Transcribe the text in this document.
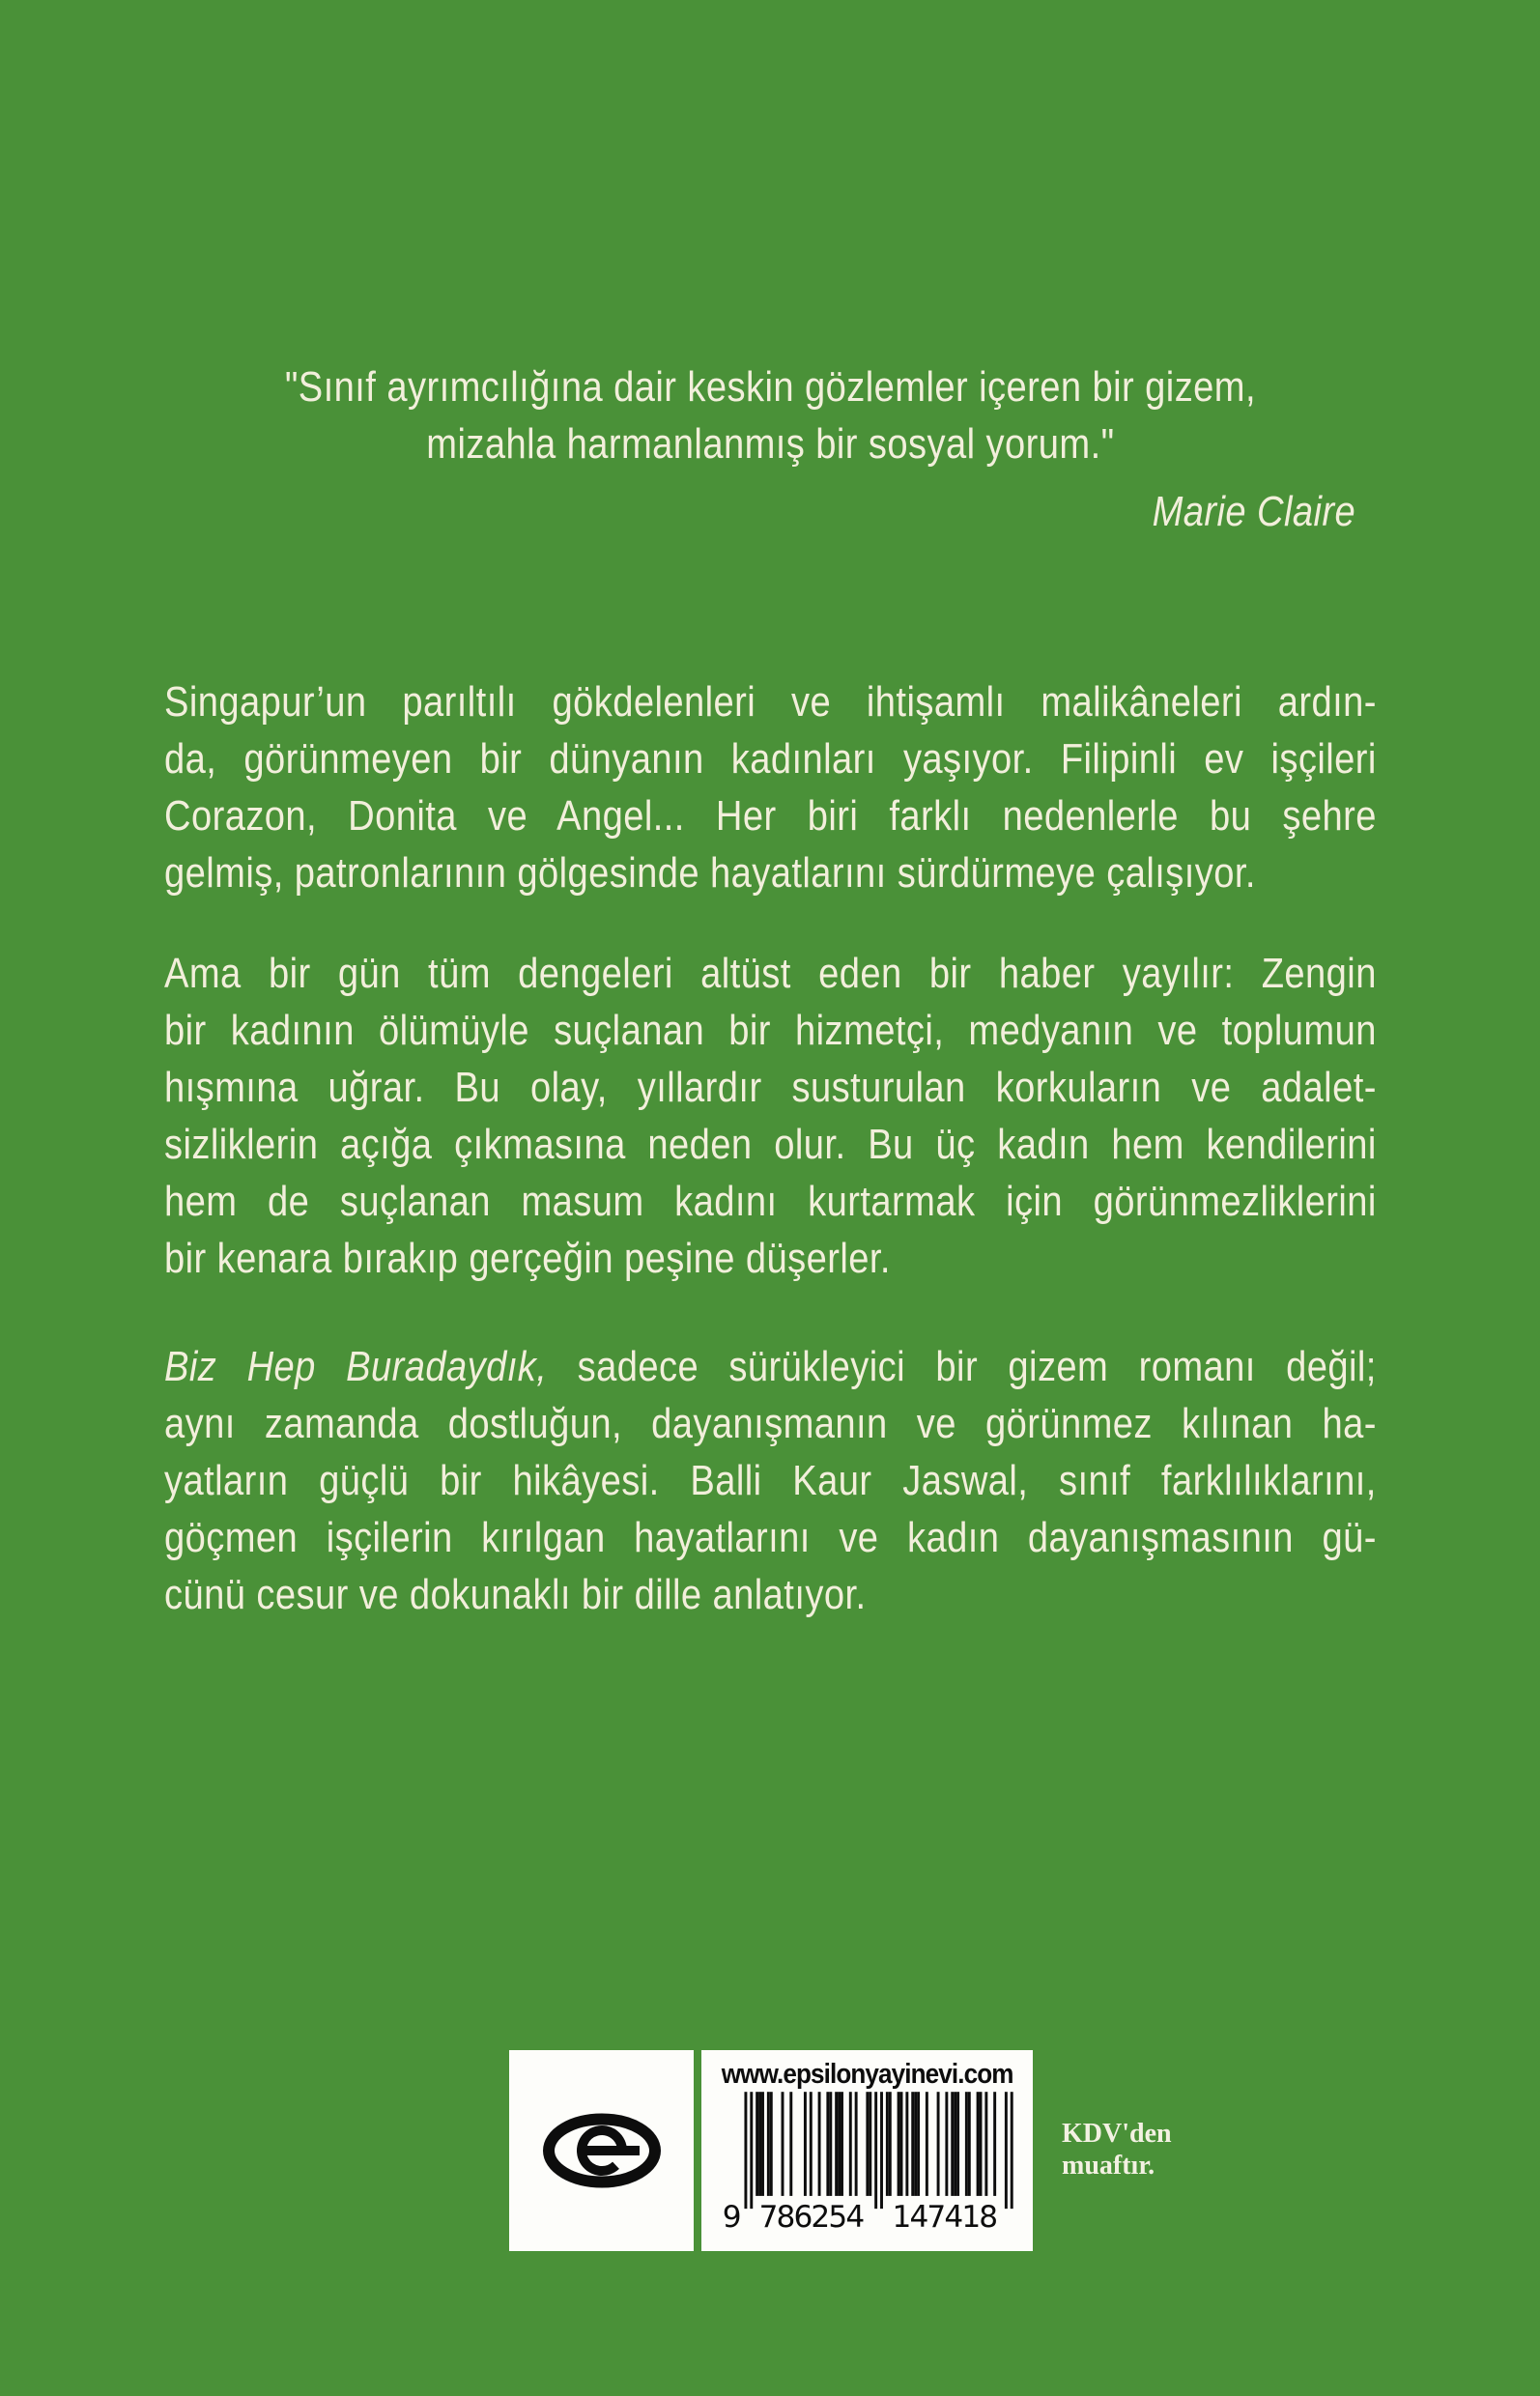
"Sınıf ayrımcılığına dair keskin gözlemler içeren bir gizem,
mizahla harmanlanmış bir sosyal yorum."
Marie Claire
Singapur’un parıltılı gökdelenleri ve ihtişamlı malikâneleri ardın-
da, görünmeyen bir dünyanın kadınları yaşıyor. Filipinli ev işçileri
Corazon, Donita ve Angel... Her biri farklı nedenlerle bu şehre
gelmiş, patronlarının gölgesinde hayatlarını sürdürmeye çalışıyor.
Ama bir gün tüm dengeleri altüst eden bir haber yayılır: Zengin
bir kadının ölümüyle suçlanan bir hizmetçi, medyanın ve toplumun
hışmına uğrar. Bu olay, yıllardır susturulan korkuların ve adalet-
sizliklerin açığa çıkmasına neden olur. Bu üç kadın hem kendilerini
hem de suçlanan masum kadını kurtarmak için görünmezliklerini
bir kenara bırakıp gerçeğin peşine düşerler.
Biz Hep Buradaydık, sadece sürükleyici bir gizem romanı değil;
aynı zamanda dostluğun, dayanışmanın ve görünmez kılınan ha-
yatların güçlü bir hikâyesi. Balli Kaur Jaswal, sınıf farklılıklarını,
göçmen işçilerin kırılgan hayatlarını ve kadın dayanışmasının gü-
cünü cesur ve dokunaklı bir dille anlatıyor.
www.epsilonyayinevi.com
9 786254 147418
KDV'den
muaftır.
